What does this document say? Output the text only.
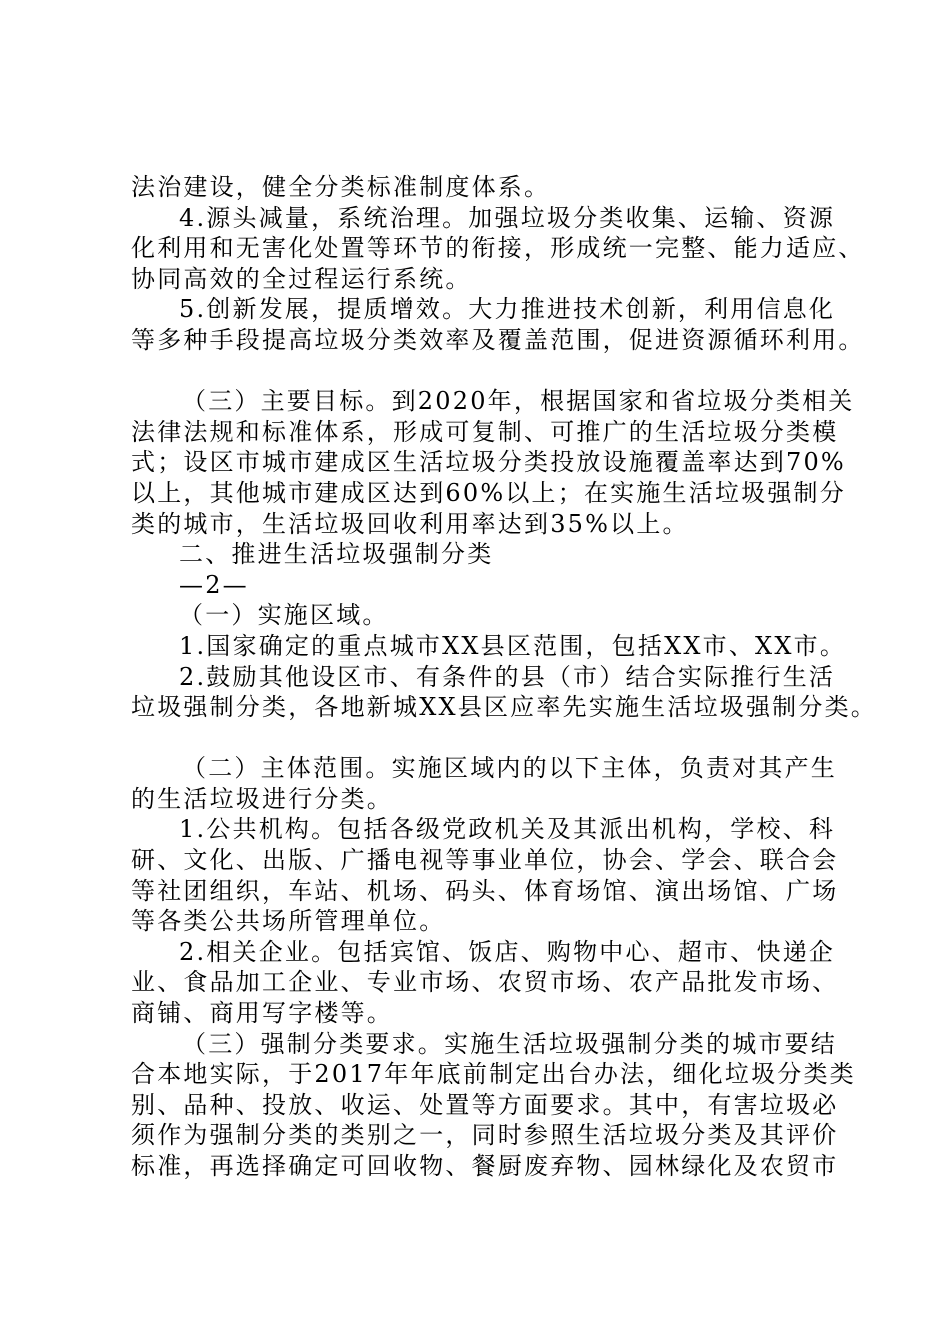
法治建设，健全分类标准制度体系。
4.源头减量，系统治理。加强垃圾分类收集、运输、资源
化利用和无害化处置等环节的衔接，形成统一完整、能力适应、
协同高效的全过程运行系统。
5.创新发展，提质增效。大力推进技术创新，利用信息化
等多种手段提高垃圾分类效率及覆盖范围，促进资源循环利用。
（三）主要目标。到2020年，根据国家和省垃圾分类相关
法律法规和标准体系，形成可复制、可推广的生活垃圾分类模
式；设区市城市建成区生活垃圾分类投放设施覆盖率达到70%
以上，其他城市建成区达到60%以上；在实施生活垃圾强制分
类的城市，生活垃圾回收利用率达到35%以上。
二、推进生活垃圾强制分类
—2—
（一）实施区域。
1.国家确定的重点城市XX县区范围，包括XX市、XX市。
2.鼓励其他设区市、有条件的县（市）结合实际推行生活
垃圾强制分类，各地新城XX县区应率先实施生活垃圾强制分类。
（二）主体范围。实施区域内的以下主体，负责对其产生
的生活垃圾进行分类。
1.公共机构。包括各级党政机关及其派出机构，学校、科
研、文化、出版、广播电视等事业单位，协会、学会、联合会
等社团组织，车站、机场、码头、体育场馆、演出场馆、广场
等各类公共场所管理单位。
2.相关企业。包括宾馆、饭店、购物中心、超市、快递企
业、食品加工企业、专业市场、农贸市场、农产品批发市场、
商铺、商用写字楼等。
（三）强制分类要求。实施生活垃圾强制分类的城市要结
合本地实际，于2017年年底前制定出台办法，细化垃圾分类类
别、品种、投放、收运、处置等方面要求。其中，有害垃圾必
须作为强制分类的类别之一，同时参照生活垃圾分类及其评价
标准，再选择确定可回收物、餐厨废弃物、园林绿化及农贸市
